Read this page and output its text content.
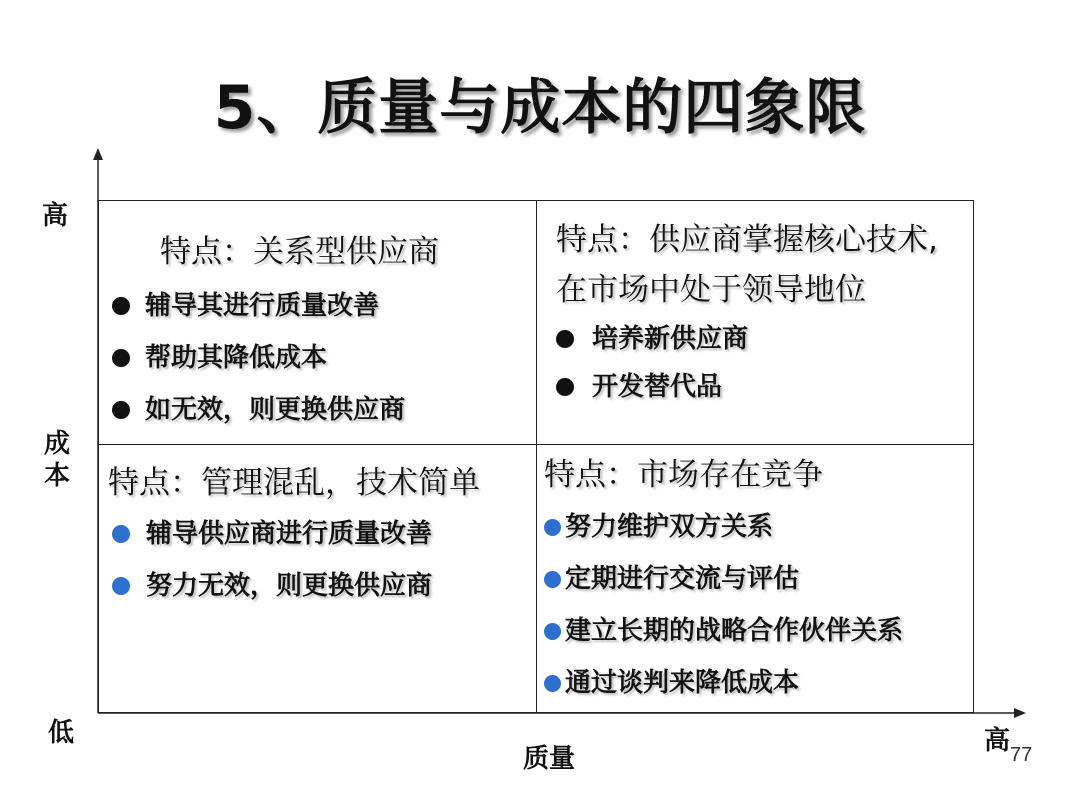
5、质量与成本的四象限
高
成本
低
质量
高 77
特点：关系型供应商
辅导其进行质量改善
帮助其降低成本
如无效，则更换供应商
特点：供应商掌握核心技术,
在市场中处于领导地位
培养新供应商
开发替代品
特点：管理混乱，技术简单
辅导供应商进行质量改善
努力无效，则更换供应商
特点：市场存在竞争
努力维护双方关系
定期进行交流与评估
建立长期的战略合作伙伴关系
通过谈判来降低成本
